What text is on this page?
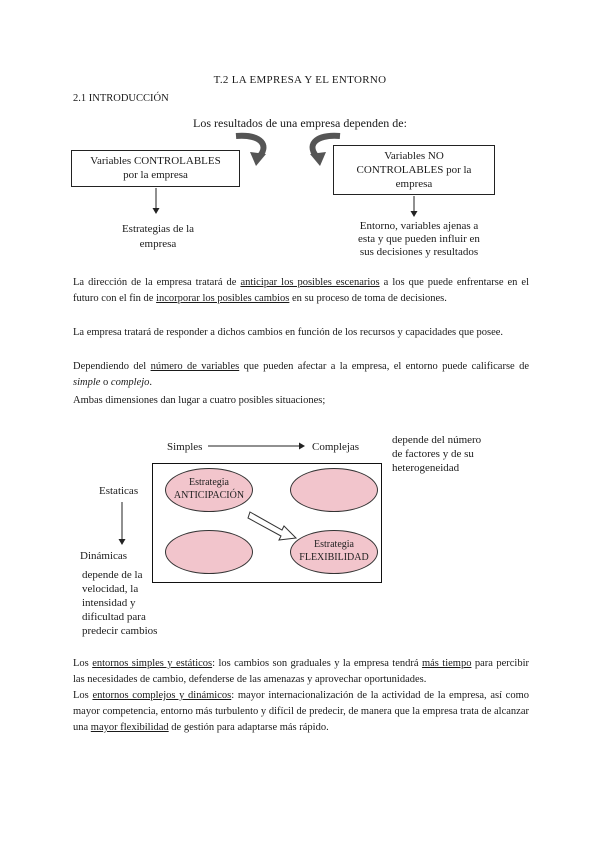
T.2 LA EMPRESA Y EL ENTORNO
2.1 INTRODUCCIÓN
Los resultados de una empresa dependen de:
Variables CONTROLABLES
por la empresa
Variables NO
CONTROLABLES por la
empresa
Estrategias de la
empresa
Entorno, variables ajenas a
esta y que pueden influir en
sus decisiones y resultados
La dirección de la empresa tratará de anticipar los posibles escenarios a los que puede enfrentarse en el futuro con el fin de incorporar los posibles cambios en su proceso de toma de decisiones.
La empresa tratará de responder a dichos cambios en función de los recursos y capacidades que posee.
Dependiendo del número de variables que pueden afectar a la empresa, el entorno puede calificarse de simple o complejo.
Ambas dimensiones dan lugar a cuatro posibles situaciones;
Simples	Complejas
depende del número
de factores y de su
heterogeneidad
Estaticas
Dinámicas
depende de la
velocidad, la
intensidad y
dificultad para
predecir cambios
Estrategia
ANTICIPACIÓN
Estrategia
FLEXIBILIDAD
Los entornos simples y estáticos: los cambios son graduales y la empresa tendrá más tiempo para percibir las necesidades de cambio, defenderse de las amenazas y aprovechar oportunidades.
Los entornos complejos y dinámicos: mayor internacionalización de la actividad de la empresa, así como mayor competencia, entorno más turbulento y difícil de predecir, de manera que la empresa trata de alcanzar una mayor flexibilidad de gestión para adaptarse más rápido.
